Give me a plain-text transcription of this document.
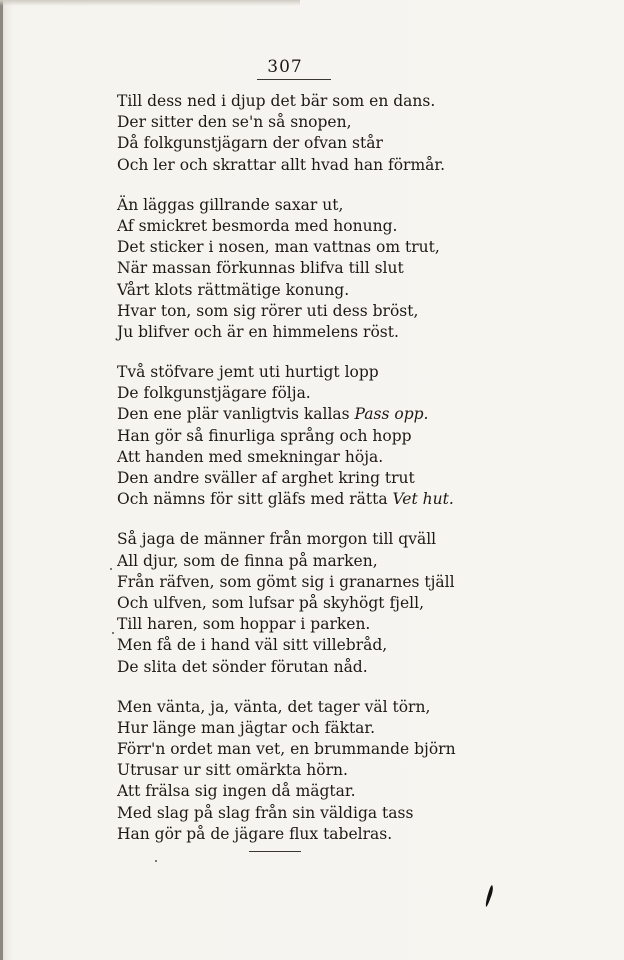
307
Till dess ned i djup det bär som en dans.
Der sitter den se'n så snopen,
Då folkgunstjägarn der ofvan står
Och ler och skrattar allt hvad han förmår.
Än läggas gillrande saxar ut,
Af smickret besmorda med honung.
Det sticker i nosen, man vattnas om trut,
När massan förkunnas blifva till slut
Vårt klots rättmätige konung.
Hvar ton, som sig rörer uti dess bröst,
Ju blifver och är en himmelens röst.
Två stöfvare jemt uti hurtigt lopp
De folkgunstjägare följa.
Den ene plär vanligtvis kallas Pass opp.
Han gör så finurliga språng och hopp
Att handen med smekningar höja.
Den andre sväller af arghet kring trut
Och nämns för sitt gläfs med rätta Vet hut.
Så jaga de männer från morgon till qväll
All djur, som de finna på marken,
Från räfven, som gömt sig i granarnes tjäll
Och ulfven, som lufsar på skyhögt fjell,
Till haren, som hoppar i parken.
Men få de i hand väl sitt villebråd,
De slita det sönder förutan nåd.
Men vänta, ja, vänta, det tager väl törn,
Hur länge man jägtar och fäktar.
Förr'n ordet man vet, en brummande björn
Utrusar ur sitt omärkta hörn.
Att frälsa sig ingen då mägtar.
Med slag på slag från sin väldiga tass
Han gör på de jägare flux tabelras.
